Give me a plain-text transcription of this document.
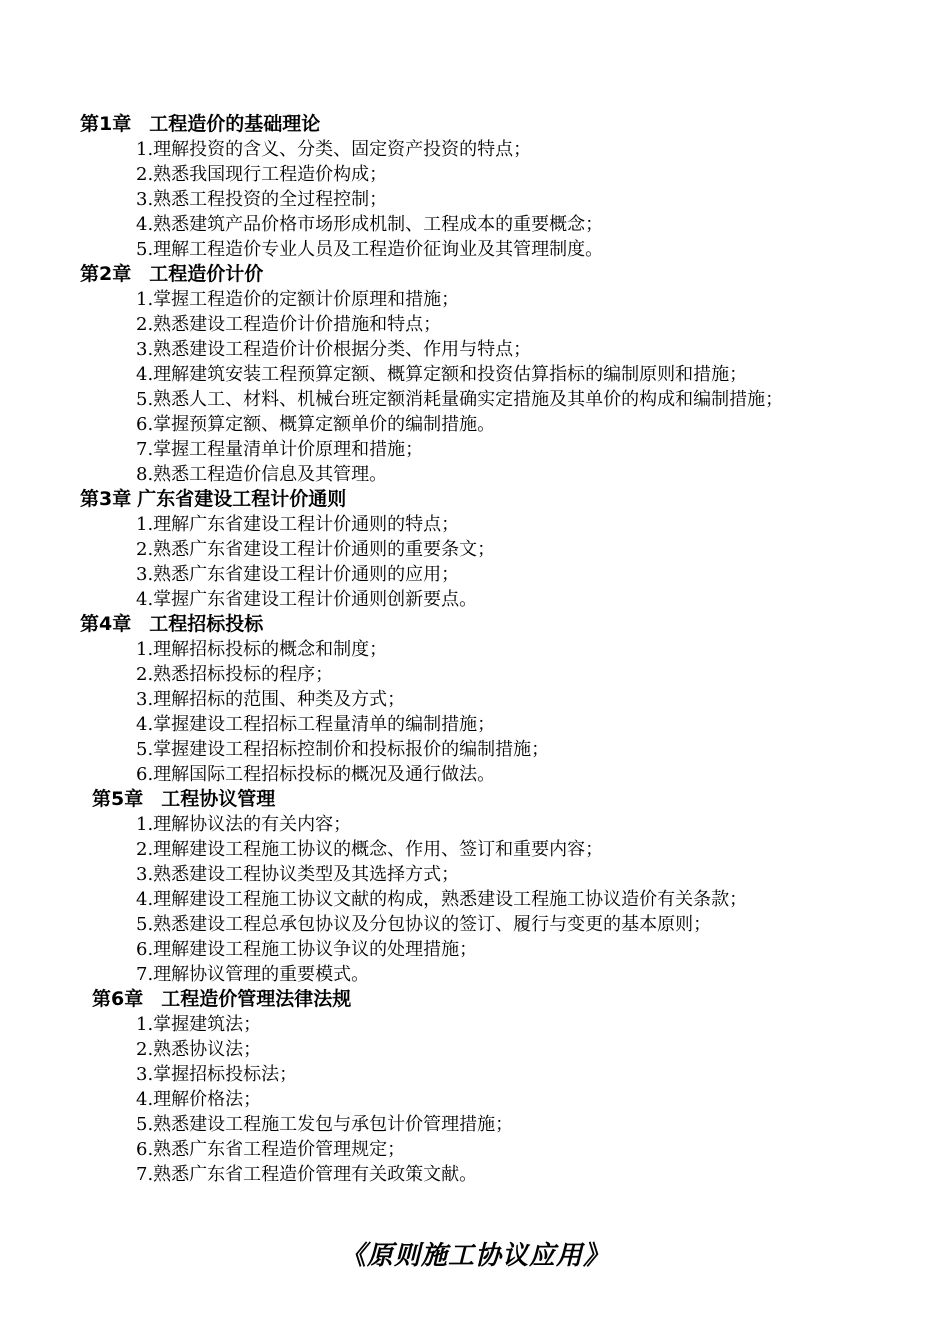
第1章 工程造价的基础理论
1.理解投资的含义、分类、固定资产投资的特点；
2.熟悉我国现行工程造价构成；
3.熟悉工程投资的全过程控制；
4.熟悉建筑产品价格市场形成机制、工程成本的重要概念；
5.理解工程造价专业人员及工程造价征询业及其管理制度。
第2章 工程造价计价
1.掌握工程造价的定额计价原理和措施；
2.熟悉建设工程造价计价措施和特点；
3.熟悉建设工程造价计价根据分类、作用与特点；
4.理解建筑安装工程预算定额、概算定额和投资估算指标的编制原则和措施；
5.熟悉人工、材料、机械台班定额消耗量确实定措施及其单价的构成和编制措施；
6.掌握预算定额、概算定额单价的编制措施。
7.掌握工程量清单计价原理和措施；
8.熟悉工程造价信息及其管理。
第3章 广东省建设工程计价通则
1.理解广东省建设工程计价通则的特点；
2.熟悉广东省建设工程计价通则的重要条文；
3.熟悉广东省建设工程计价通则的应用；
4.掌握广东省建设工程计价通则创新要点。
第4章 工程招标投标
1.理解招标投标的概念和制度；
2.熟悉招标投标的程序；
3.理解招标的范围、种类及方式；
4.掌握建设工程招标工程量清单的编制措施；
5.掌握建设工程招标控制价和投标报价的编制措施；
6.理解国际工程招标投标的概况及通行做法。
第5章 工程协议管理
1.理解协议法的有关内容；
2.理解建设工程施工协议的概念、作用、签订和重要内容；
3.熟悉建设工程协议类型及其选择方式；
4.理解建设工程施工协议文献的构成，熟悉建设工程施工协议造价有关条款；
5.熟悉建设工程总承包协议及分包协议的签订、履行与变更的基本原则；
6.理解建设工程施工协议争议的处理措施；
7.理解协议管理的重要模式。
第6章 工程造价管理法律法规
1.掌握建筑法；
2.熟悉协议法；
3.掌握招标投标法；
4.理解价格法；
5.熟悉建设工程施工发包与承包计价管理措施；
6.熟悉广东省工程造价管理规定；
7.熟悉广东省工程造价管理有关政策文献。
《原则施工协议应用》
